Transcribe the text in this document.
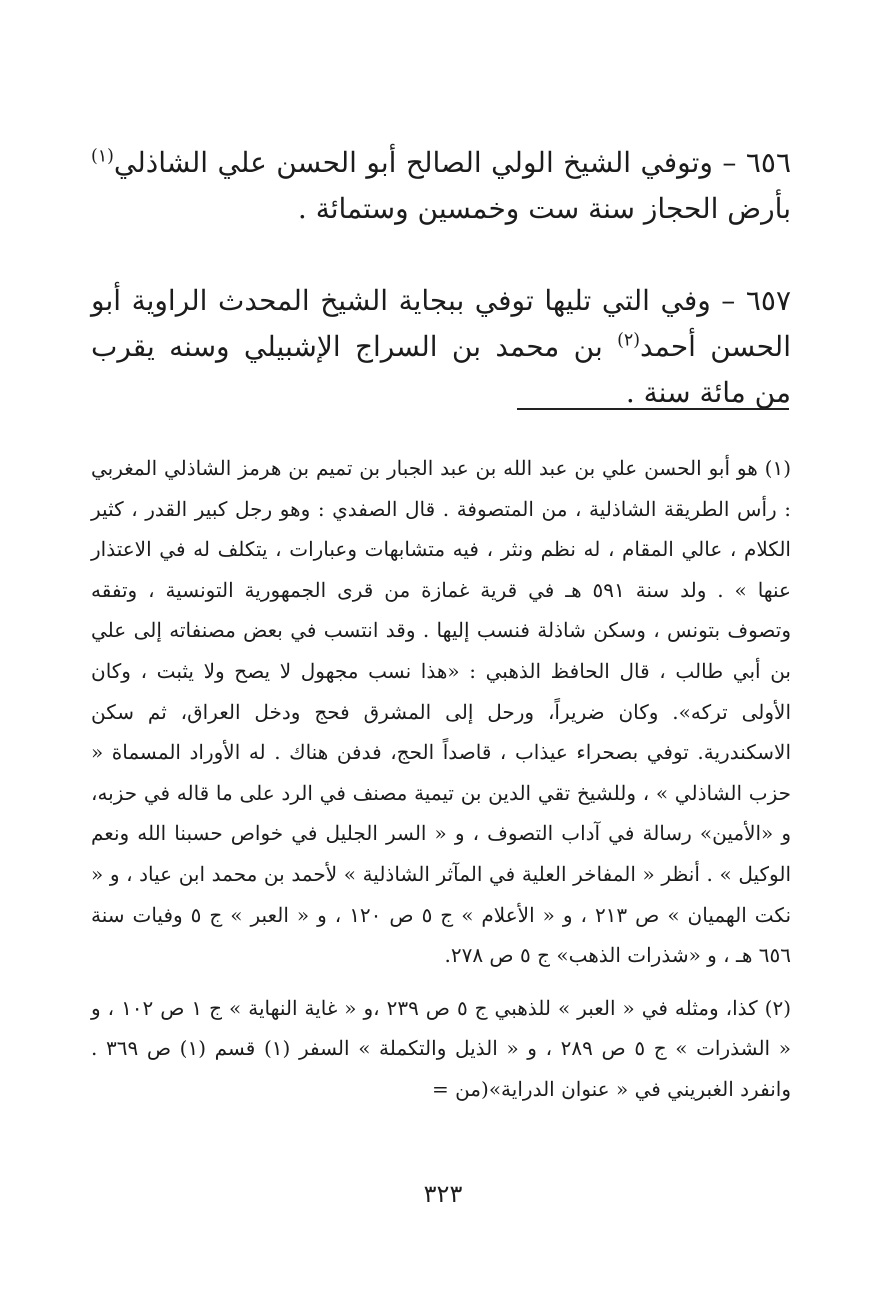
٦٥٦ – وتوفي الشيخ الولي الصالح أبو الحسن علي الشاذلي$^{(١)}$ بأرض الحجاز سنة ست وخمسين وستمائة .

٦٥٧ – وفي التي تليها توفي ببجاية الشيخ المحدث الراوية أبو الحسن أحمد$^{(٢)}$ بن محمد بن السراج الإشبيلي وسنه يقرب من مائة سنة .

(١) هو أبو الحسن علي بن عبد الله بن عبد الجبار بن تميم بن هرمز الشاذلي المغربي : رأس الطريقة الشاذلية ، من المتصوفة . قال الصفدي : وهو رجل كبير القدر ، كثير الكلام ، عالي المقام ، له نظم ونثر ، فيه متشابهات وعبارات ، يتكلف له في الاعتذار عنها » . ولد سنة ٥٩١ هـ في قرية غمازة من قرى الجمهورية التونسية ، وتفقه وتصوف بتونس ، وسكن شاذلة فنسب إليها . وقد انتسب في بعض مصنفاته إلى علي بن أبي طالب ، قال الحافظ الذهبي : «هذا نسب مجهول لا يصح ولا يثبت ، وكان الأولى تركه». وكان ضريراً، ورحل إلى المشرق فحج ودخل العراق، ثم سكن الاسكندرية. توفي بصحراء عيذاب ، قاصداً الحج، فدفن هناك . له الأوراد المسماة « حزب الشاذلي » ، وللشيخ تقي الدين بن تيمية مصنف في الرد على ما قاله في حزبه، و «الأمين» رسالة في آداب التصوف ، و « السر الجليل في خواص حسبنا الله ونعم الوكيل » . أنظر « المفاخر العلية في المآثر الشاذلية » لأحمد بن محمد ابن عياد ، و « نكت الهميان » ص ٢١٣ ، و « الأعلام » ج ٥ ص ١٢٠ ، و « العبر » ج ٥ وفيات سنة ٦٥٦ هـ ، و «شذرات الذهب» ج ٥ ص ٢٧٨.

(٢) كذا، ومثله في « العبر » للذهبي ج ٥ ص ٢٣٩ ،و « غاية النهاية » ج ١ ص ١٠٢ ، و « الشذرات » ج ٥ ص ٢٨٩ ، و « الذيل والتكملة » السفر (١) قسم (١) ص ٣٦٩ . وانفرد الغبريني في « عنوان الدراية»(من =

٣٢٣
